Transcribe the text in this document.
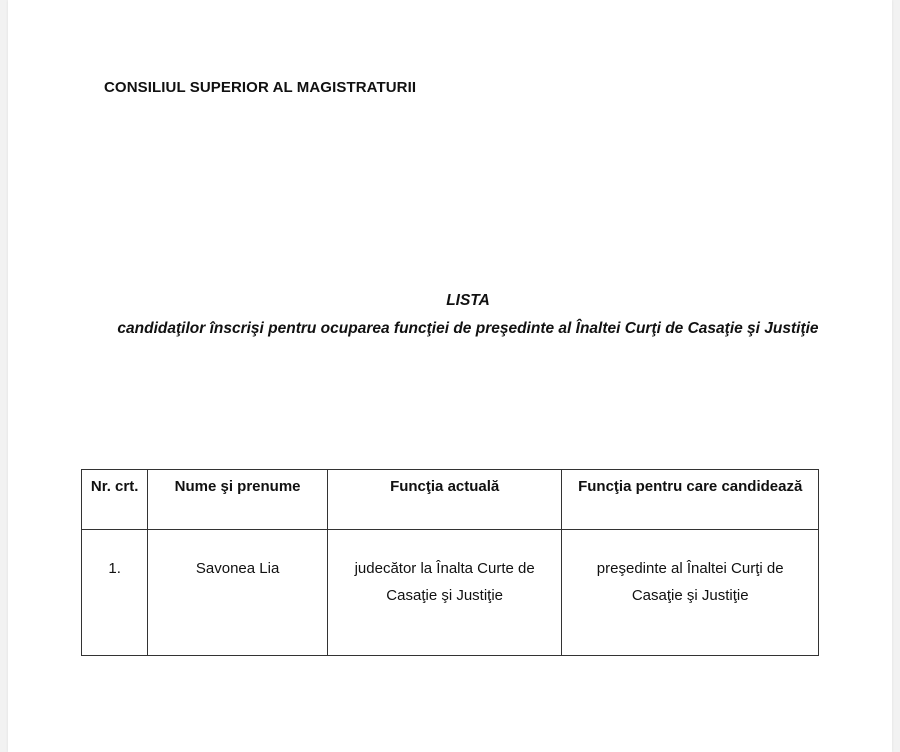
CONSILIUL SUPERIOR AL MAGISTRATURII
LISTA
candidaţilor înscrişi pentru ocuparea funcţiei de preşedinte al Înaltei Curţi de Casaţie şi Justiţie
Nr. crt.	Nume şi prenume	Funcţia actuală	Funcţia pentru care candidează
1.	Savonea Lia	judecător la Înalta Curte de Casaţie şi Justiţie	preşedinte al Înaltei Curţi de Casaţie şi Justiţie
